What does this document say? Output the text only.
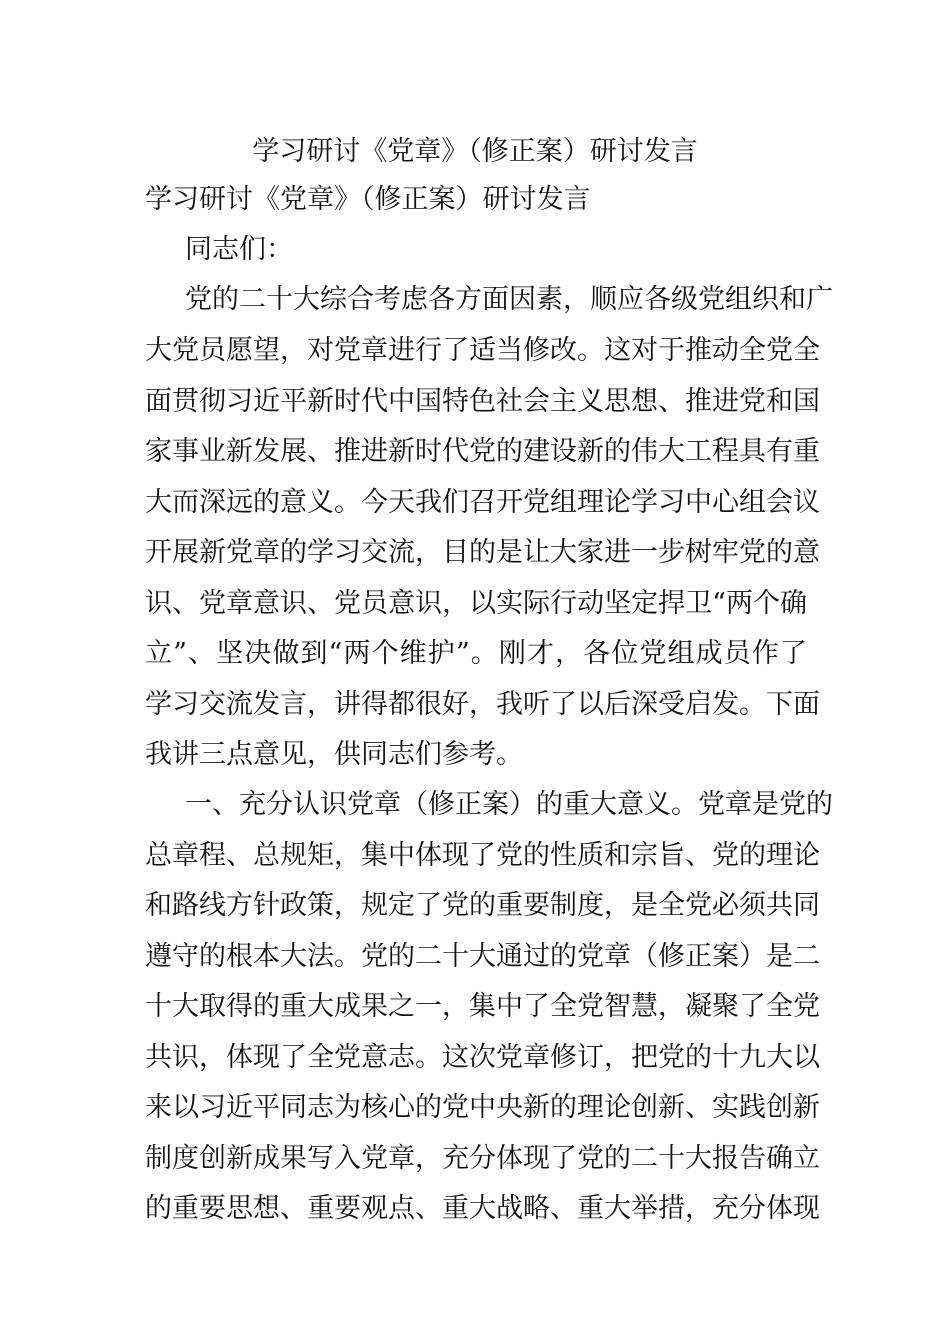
学习研讨《党章》（修正案）研讨发言

学习研讨《党章》（修正案）研讨发言

同志们：

党的二十大综合考虑各方面因素，顺应各级党组织和广

大党员愿望，对党章进行了适当修改。这对于推动全党全

面贯彻习近平新时代中国特色社会主义思想、推进党和国

家事业新发展、推进新时代党的建设新的伟大工程具有重

大而深远的意义。今天我们召开党组理论学习中心组会议

开展新党章的学习交流，目的是让大家进一步树牢党的意

识、党章意识、党员意识，以实际行动坚定捍卫“两个确

立”、坚决做到“两个维护”。刚才，各位党组成员作了

学习交流发言，讲得都很好，我听了以后深受启发。下面

我讲三点意见，供同志们参考。

一、充分认识党章（修正案）的重大意义。党章是党的

总章程、总规矩，集中体现了党的性质和宗旨、党的理论

和路线方针政策，规定了党的重要制度，是全党必须共同

遵守的根本大法。党的二十大通过的党章（修正案）是二

十大取得的重大成果之一，集中了全党智慧，凝聚了全党

共识，体现了全党意志。这次党章修订，把党的十九大以

来以习近平同志为核心的党中央新的理论创新、实践创新

制度创新成果写入党章，充分体现了党的二十大报告确立

的重要思想、重要观点、重大战略、重大举措，充分体现
